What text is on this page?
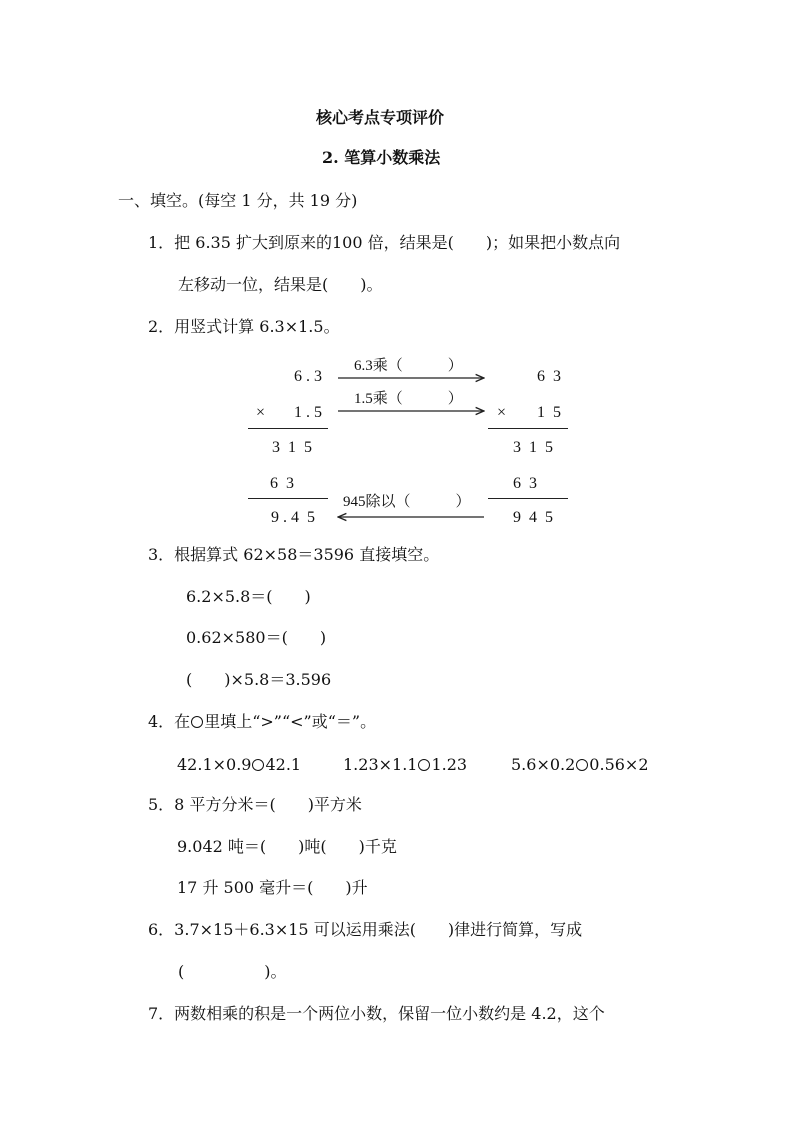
核心考点专项评价
2. 笔算小数乘法
一、填空。(每空 1 分，共 19 分)
1．把 6.35 扩大到原来的100 倍，结果是(　　)；如果把小数点向
左移动一位，结果是(　　)。
2．用竖式计算 6.3×1.5。
6 . 3
× 1 . 5
3  1  5
6  3
9 . 4  5
6  3
× 1  5
3  1  5
6  3
9  4  5
6.3乘（　　　）
1.5乘（　　　）
945除以（　　　）
3．根据算式 62×58＝3596 直接填空。
6.2×5.8＝(　　)
0.62×580＝(　　)
(　　)×5.8＝3.596
4．在 里填上“>”“<”或“＝”。
42.1×0.9 42.1	1.23×1.1 1.23	5.6×0.2 0.56×2
5．8 平方分米＝(　　)平方米
9.042 吨＝(　　)吨(　　)千克
17 升 500 毫升＝(　　)升
6．3.7×15＋6.3×15 可以运用乘法(　　)律进行简算，写成
(　　　　　)。
7．两数相乘的积是一个两位小数，保留一位小数约是 4.2，这个
